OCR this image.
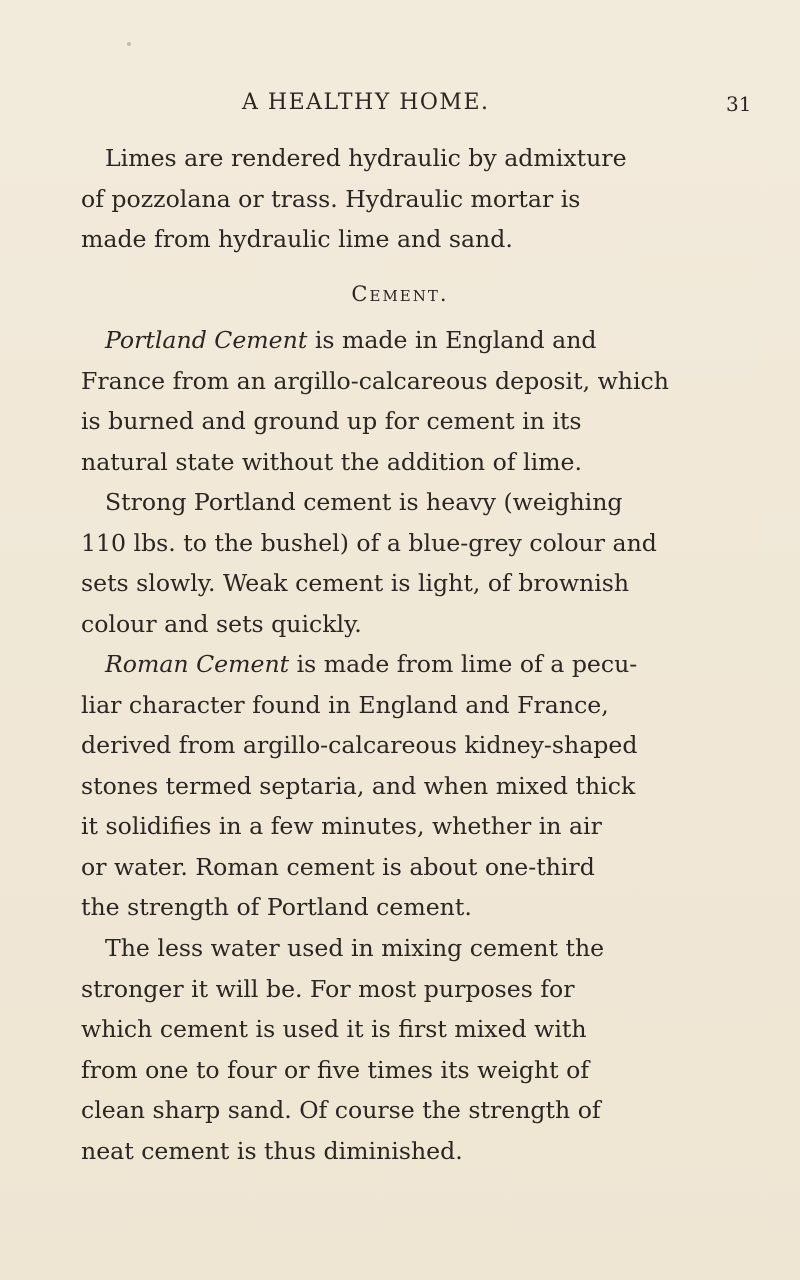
A HEALTHY HOME.	31
Limes are rendered hydraulic by admixture
of pozzolana or trass. Hydraulic mortar is
made from hydraulic lime and sand.
Cement.
Portland Cement is made in England and
France from an argillo-calcareous deposit, which
is burned and ground up for cement in its
natural state without the addition of lime.
Strong Portland cement is heavy (weighing
110 lbs. to the bushel) of a blue-grey colour and
sets slowly. Weak cement is light, of brownish
colour and sets quickly.
Roman Cement is made from lime of a pecu-
liar character found in England and France,
derived from argillo-calcareous kidney-shaped
stones termed septaria, and when mixed thick
it solidifies in a few minutes, whether in air
or water. Roman cement is about one-third
the strength of Portland cement.
The less water used in mixing cement the
stronger it will be. For most purposes for
which cement is used it is first mixed with
from one to four or five times its weight of
clean sharp sand. Of course the strength of
neat cement is thus diminished.
